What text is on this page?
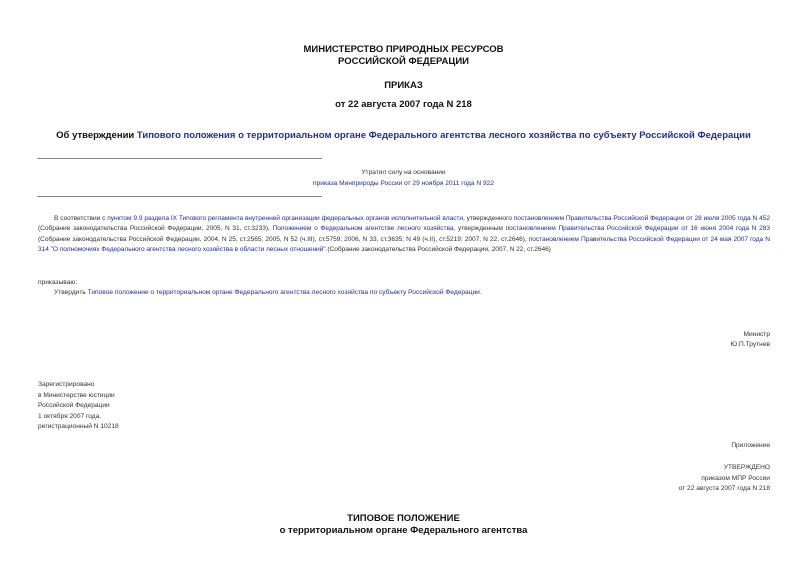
МИНИСТЕРСТВО ПРИРОДНЫХ РЕСУРСОВ
РОССИЙСКОЙ ФЕДЕРАЦИИ
ПРИКАЗ
от 22 августа 2007 года N 218
Об утверждении Типового положения о территориальном органе Федерального агентства лесного хозяйства по субъекту Российской Федерации
Утратил силу на основании
приказа Минприроды России от 29 ноября 2011 года N 922
В соответствии с пунктом 9.9 раздела IX Типового регламента внутренней организации федеральных органов исполнительной власти, утвержденного постановлением Правительства Российской Федерации от 28 июля 2005 года N 452 (Собрание законодательства Российской Федерации, 2005, N 31, ст.3233), Положением о Федеральном агентстве лесного хозяйства, утвержденным постановлением Правительства Российской Федерации от 16 июня 2004 года N 283 (Собрание законодательства Российской Федерации, 2004, N 25, ст.2565; 2005, N 52 (ч.III), ст.5759; 2006, N 33, ст.3635; N 49 (ч.II), ст.5219; 2007, N 22, ст.2646), постановлением Правительства Российской Федерации от 24 мая 2007 года N 314 "О полномочиях Федерального агентства лесного хозяйства в области лесных отношений" (Собрание законодательства Российской Федерации, 2007, N 22, ст.2646)
приказываю:
Утвердить Типовое положение о территориальном органе Федерального агентства лесного хозяйства по субъекту Российской Федерации.
Министр
Ю.П.Трутнев
Зарегистрировано
в Министерстве юстиции
Российской Федерации
1 октября 2007 года,
регистрационный N 10218
Приложение
УТВЕРЖДЕНО
приказом МПР России
от 22 августа 2007 года N 218
ТИПОВОЕ ПОЛОЖЕНИЕ
о территориальном органе Федерального агентства
